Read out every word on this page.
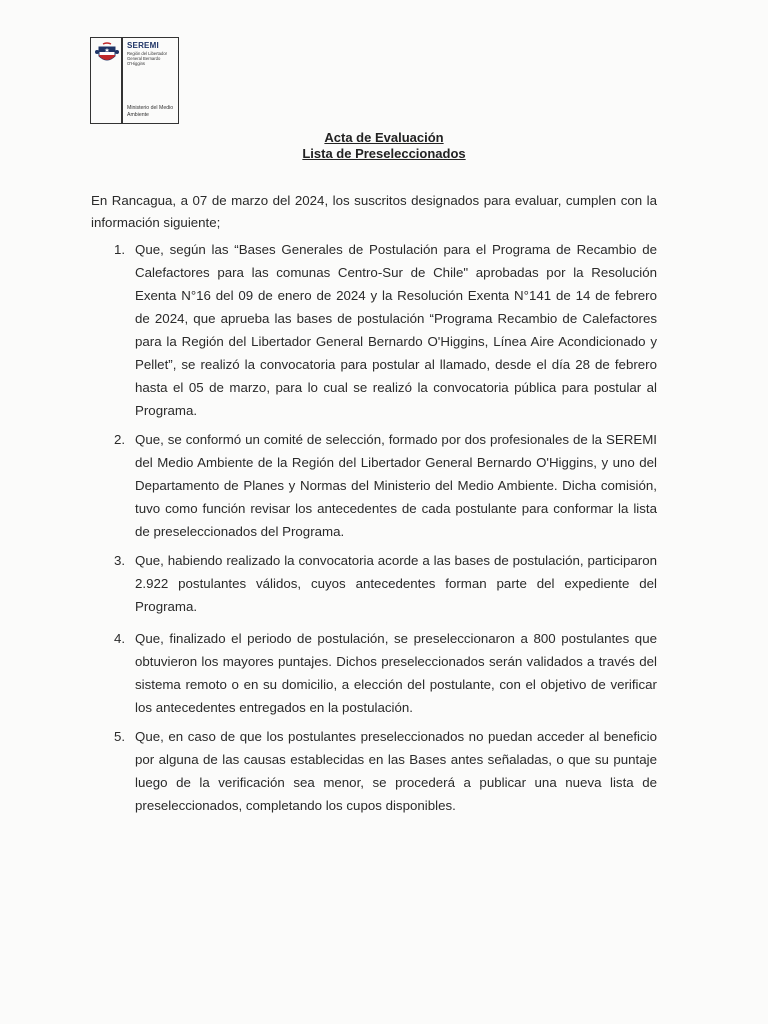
SEREMI
Región del Libertador General Bernardo O'Higgins
Ministerio del Medio Ambiente
Acta de Evaluación
Lista de Preseleccionados
En Rancagua, a 07 de marzo del 2024, los suscritos designados para evaluar, cumplen con la información siguiente;
1. Que, según las “Bases Generales de Postulación para el Programa de Recambio de Calefactores para las comunas Centro-Sur de Chile" aprobadas por la Resolución Exenta N°16 del 09 de enero de 2024 y la Resolución Exenta N°141 de 14 de febrero de 2024, que aprueba las bases de postulación “Programa Recambio de Calefactores para la Región del Libertador General Bernardo O'Higgins, Línea Aire Acondicionado y Pellet”, se realizó la convocatoria para postular al llamado, desde el día 28 de febrero hasta el 05 de marzo, para lo cual se realizó la convocatoria pública para postular al Programa.
2. Que, se conformó un comité de selección, formado por dos profesionales de la SEREMI del Medio Ambiente de la Región del Libertador General Bernardo O'Higgins, y uno del Departamento de Planes y Normas del Ministerio del Medio Ambiente. Dicha comisión, tuvo como función revisar los antecedentes de cada postulante para conformar la lista de preseleccionados del Programa.
3. Que, habiendo realizado la convocatoria acorde a las bases de postulación, participaron 2.922 postulantes válidos, cuyos antecedentes forman parte del expediente del Programa.
4. Que, finalizado el periodo de postulación, se preseleccionaron a 800 postulantes que obtuvieron los mayores puntajes. Dichos preseleccionados serán validados a través del sistema remoto o en su domicilio, a elección del postulante, con el objetivo de verificar los antecedentes entregados en la postulación.
5. Que, en caso de que los postulantes preseleccionados no puedan acceder al beneficio por alguna de las causas establecidas en las Bases antes señaladas, o que su puntaje luego de la verificación sea menor, se procederá a publicar una nueva lista de preseleccionados, completando los cupos disponibles.
